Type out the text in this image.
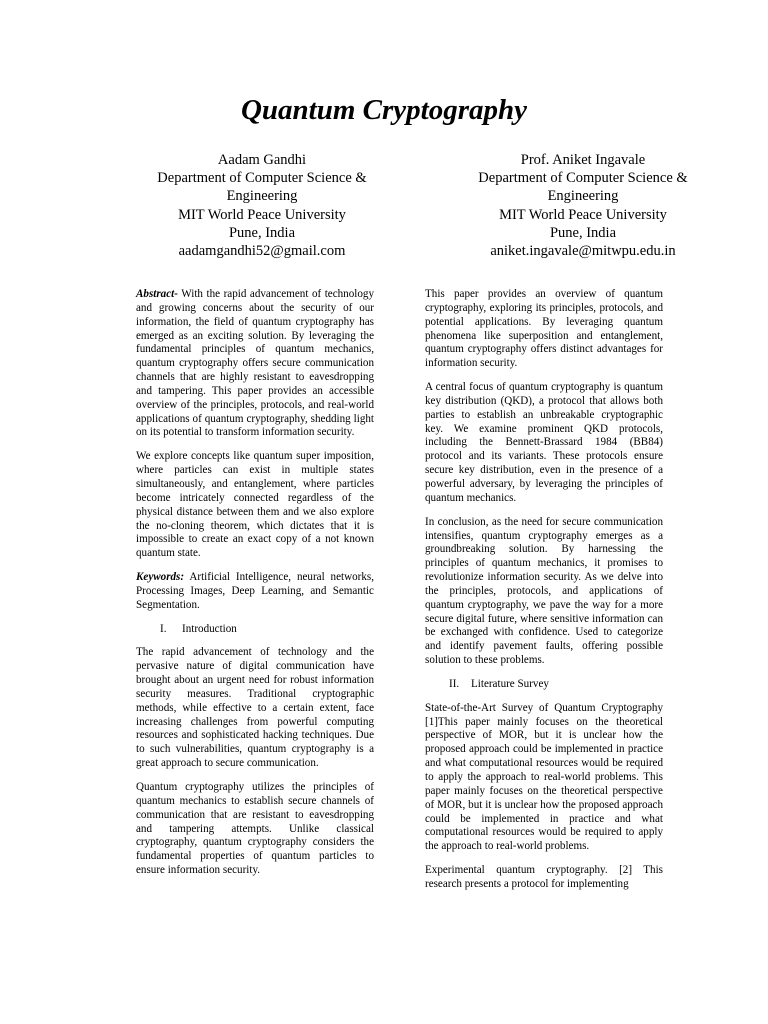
Quantum Cryptography
Aadam Gandhi
Department of Computer Science & Engineering
MIT World Peace University
Pune, India
aadamgandhi52@gmail.com
Prof. Aniket Ingavale
Department of Computer Science & Engineering
MIT World Peace University
Pune, India
aniket.ingavale@mitwpu.edu.in

Abstract- With the rapid advancement of technology and growing concerns about the security of our information, the field of quantum cryptography has emerged as an exciting solution. By leveraging the fundamental principles of quantum mechanics, quantum cryptography offers secure communication channels that are highly resistant to eavesdropping and tampering. This paper provides an accessible overview of the principles, protocols, and real-world applications of quantum cryptography, shedding light on its potential to transform information security.

We explore concepts like quantum super imposition, where particles can exist in multiple states simultaneously, and entanglement, where particles become intricately connected regardless of the physical distance between them and we also explore the no-cloning theorem, which dictates that it is impossible to create an exact copy of a not known quantum state.

Keywords: Artificial Intelligence, neural networks, Processing Images, Deep Learning, and Semantic Segmentation.

I. Introduction

The rapid advancement of technology and the pervasive nature of digital communication have brought about an urgent need for robust information security measures. Traditional cryptographic methods, while effective to a certain extent, face increasing challenges from powerful computing resources and sophisticated hacking techniques. Due to such vulnerabilities, quantum cryptography is a great approach to secure communication.

Quantum cryptography utilizes the principles of quantum mechanics to establish secure channels of communication that are resistant to eavesdropping and tampering attempts. Unlike classical cryptography, quantum cryptography considers the fundamental properties of quantum particles to ensure information security.

This paper provides an overview of quantum cryptography, exploring its principles, protocols, and potential applications. By leveraging quantum phenomena like superposition and entanglement, quantum cryptography offers distinct advantages for information security.

A central focus of quantum cryptography is quantum key distribution (QKD), a protocol that allows both parties to establish an unbreakable cryptographic key. We examine prominent QKD protocols, including the Bennett-Brassard 1984 (BB84) protocol and its variants. These protocols ensure secure key distribution, even in the presence of a powerful adversary, by leveraging the principles of quantum mechanics.

In conclusion, as the need for secure communication intensifies, quantum cryptography emerges as a groundbreaking solution. By harnessing the principles of quantum mechanics, it promises to revolutionize information security. As we delve into the principles, protocols, and applications of quantum cryptography, we pave the way for a more secure digital future, where sensitive information can be exchanged with confidence. Used to categorize and identify pavement faults, offering possible solution to these problems.

II. Literature Survey

State-of-the-Art Survey of Quantum Cryptography [1]This paper mainly focuses on the theoretical perspective of MOR, but it is unclear how the proposed approach could be implemented in practice and what computational resources would be required to apply the approach to real-world problems. This paper mainly focuses on the theoretical perspective of MOR, but it is unclear how the proposed approach could be implemented in practice and what computational resources would be required to apply the approach to real-world problems.

Experimental quantum cryptography. [2] This research presents a protocol for implementing
